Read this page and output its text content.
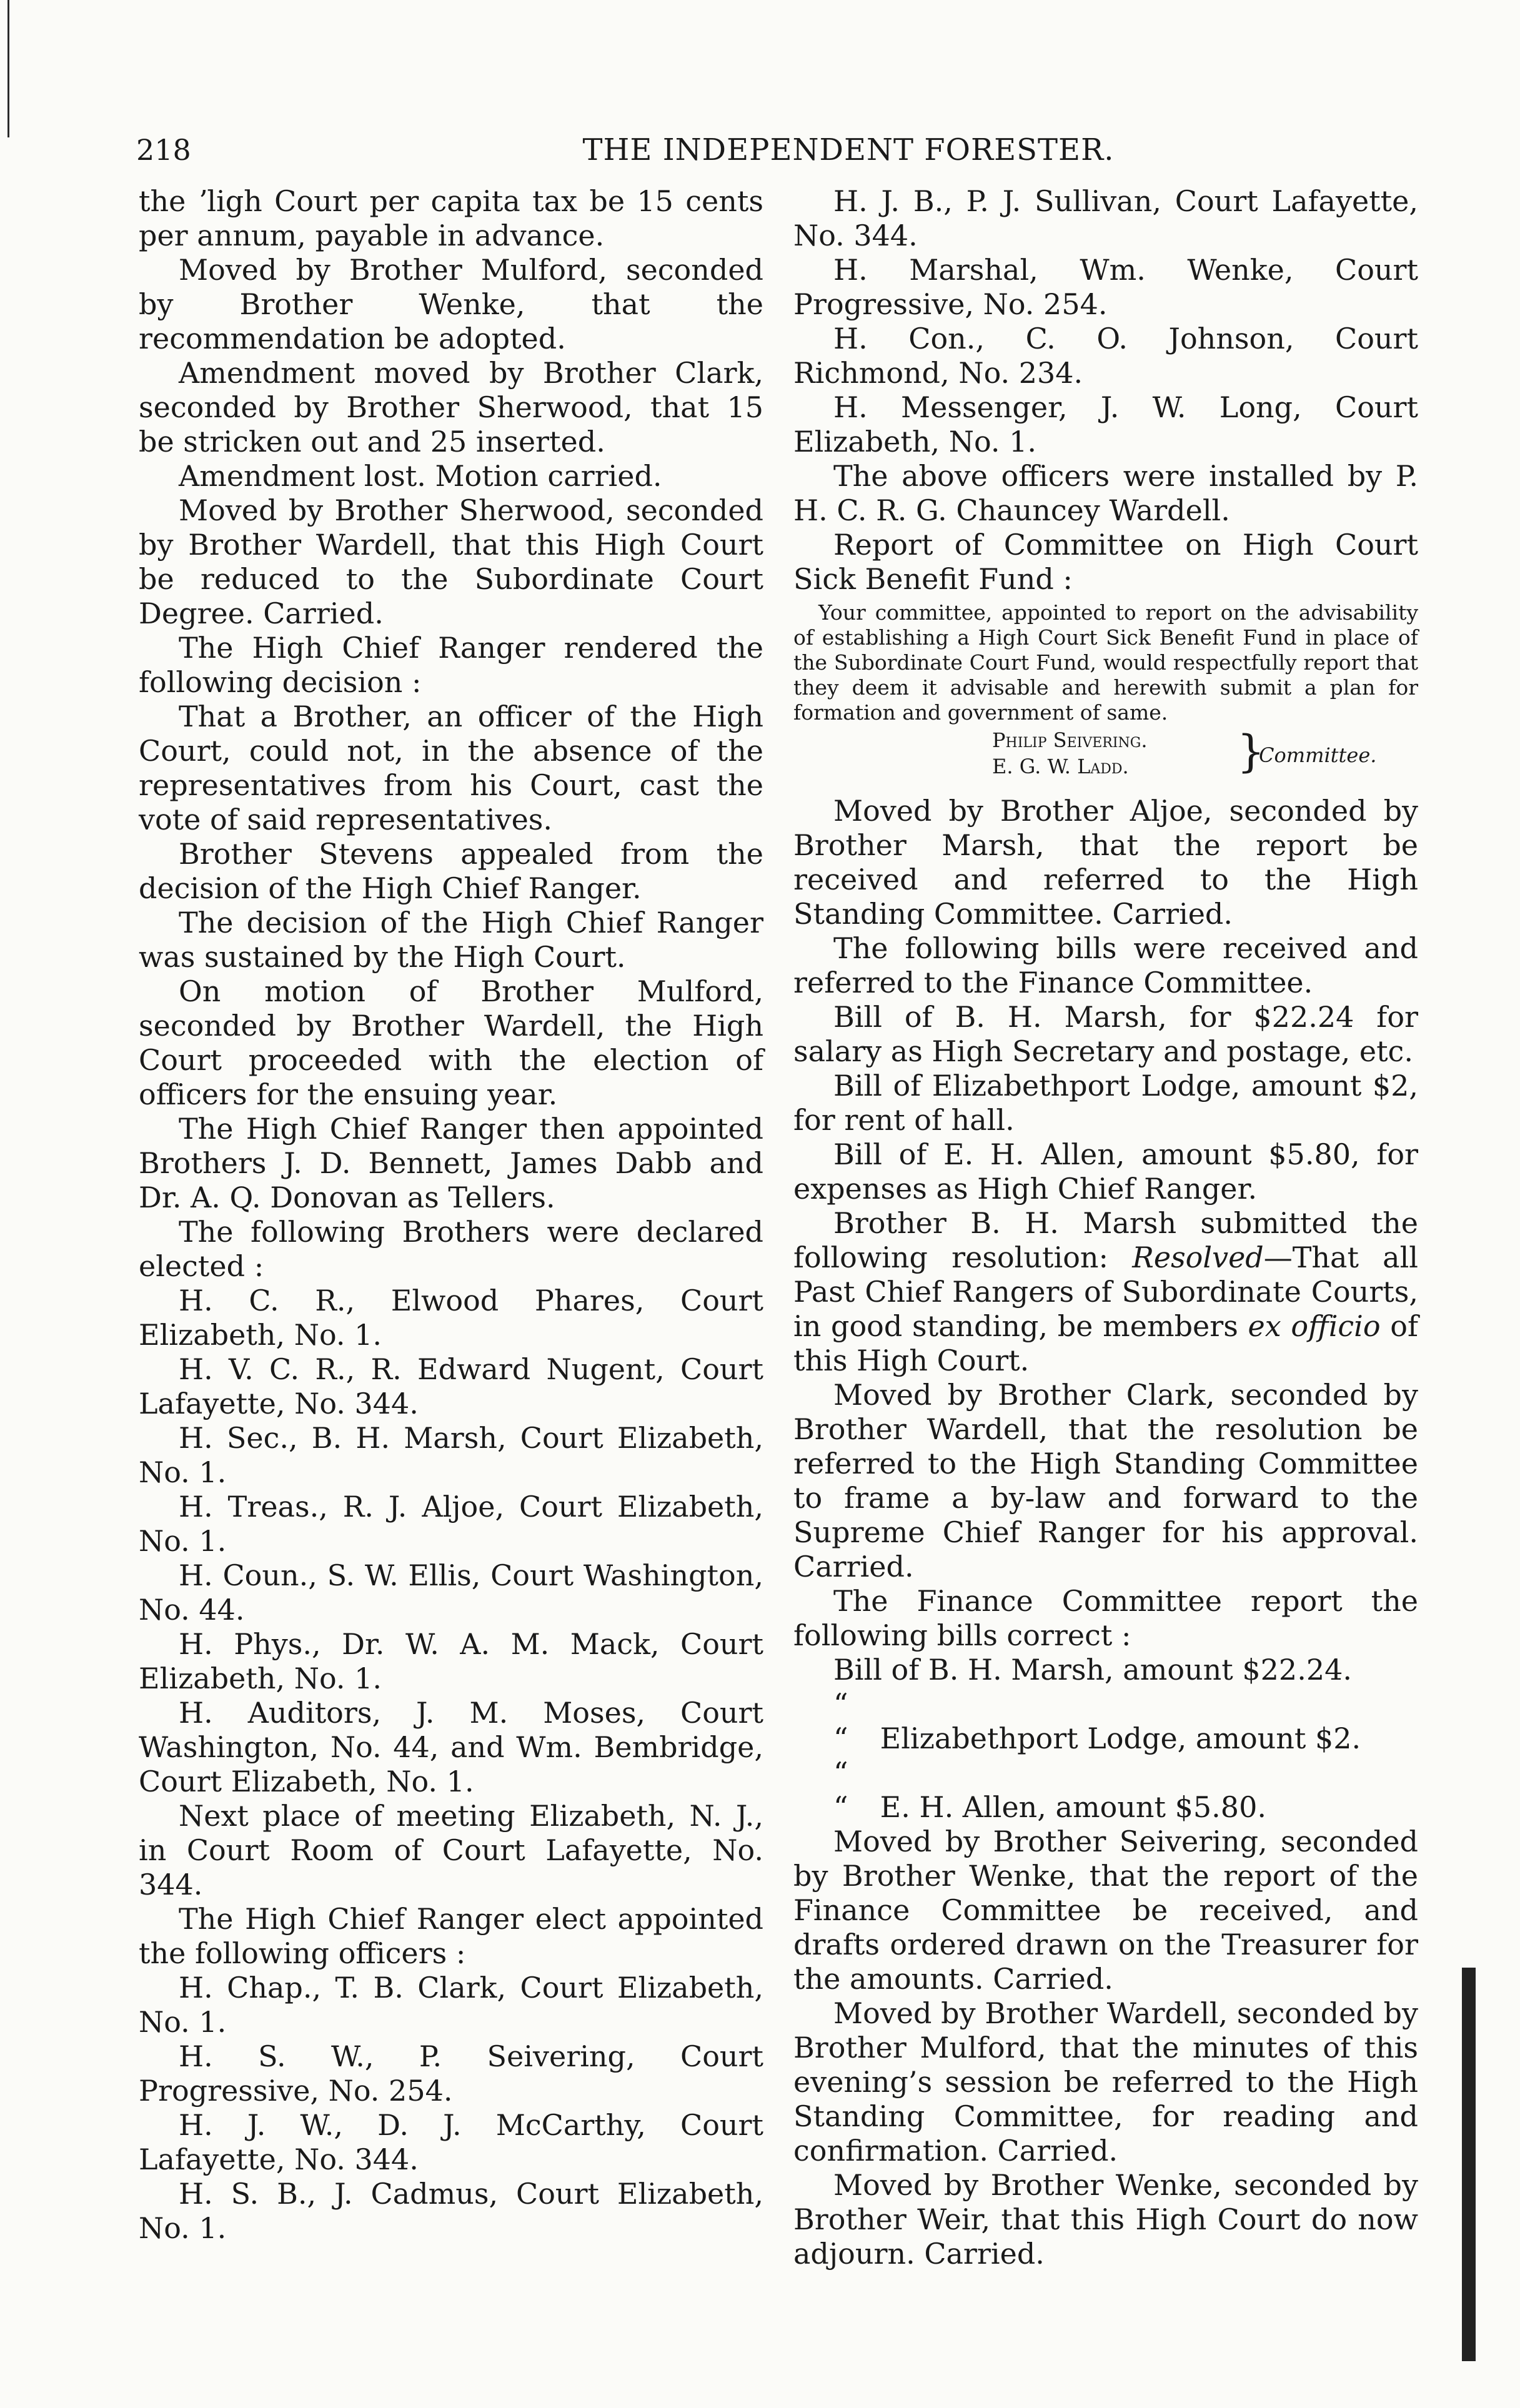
218	THE INDEPENDENT FORESTER.

the ʼligh Court per capita tax be 15 cents per annum, payable in advance.

Moved by Brother Mulford, seconded by Brother Wenke, that the recommendation be adopted.

Amendment moved by Brother Clark, seconded by Brother Sherwood, that 15 be stricken out and 25 inserted.

Amendment lost. Motion carried.

Moved by Brother Sherwood, seconded by Brother Wardell, that this High Court be reduced to the Subordinate Court Degree. Carried.

The High Chief Ranger rendered the following decision :

That a Brother, an officer of the High Court, could not, in the absence of the representatives from his Court, cast the vote of said representatives.

Brother Stevens appealed from the decision of the High Chief Ranger.

The decision of the High Chief Ranger was sustained by the High Court.

On motion of Brother Mulford, seconded by Brother Wardell, the High Court proceeded with the election of officers for the ensuing year.

The High Chief Ranger then appointed Brothers J. D. Bennett, James Dabb and Dr. A. Q. Donovan as Tellers.

The following Brothers were declared elected :

H. C. R., Elwood Phares, Court Elizabeth, No. 1.

H. V. C. R., R. Edward Nugent, Court Lafayette, No. 344.

H. Sec., B. H. Marsh, Court Elizabeth, No. 1.

H. Treas., R. J. Aljoe, Court Elizabeth, No. 1.

H. Coun., S. W. Ellis, Court Washington, No. 44.

H. Phys., Dr. W. A. M. Mack, Court Elizabeth, No. 1.

H. Auditors, J. M. Moses, Court Washington, No. 44, and Wm. Bembridge, Court Elizabeth, No. 1.

Next place of meeting Elizabeth, N. J., in Court Room of Court Lafayette, No. 344.

The High Chief Ranger elect appointed the following officers :

H. Chap., T. B. Clark, Court Elizabeth, No. 1.

H. S. W., P. Seivering, Court Progressive, No. 254.

H. J. W., D. J. McCarthy, Court Lafayette, No. 344.

H. S. B., J. Cadmus, Court Elizabeth, No. 1.

H. J. B., P. J. Sullivan, Court Lafayette, No. 344.

H. Marshal, Wm. Wenke, Court Progressive, No. 254.

H. Con., C. O. Johnson, Court Richmond, No. 234.

H. Messenger, J. W. Long, Court Elizabeth, No. 1.

The above officers were installed by P. H. C. R. G. Chauncey Wardell.

Report of Committee on High Court Sick Benefit Fund :

Your committee, appointed to report on the advisability of establishing a High Court Sick Benefit Fund in place of the Subordinate Court Fund, would respectfully report that they deem it advisable and herewith submit a plan for formation and government of same.

Philip Seivering.
E. G. W. Ladd. }
Committee.

Moved by Brother Aljoe, seconded by Brother Marsh, that the report be received and referred to the High Standing Committee. Carried.

The following bills were received and referred to the Finance Committee.

Bill of B. H. Marsh, for $22.24 for salary as High Secretary and postage, etc.

Bill of Elizabethport Lodge, amount $2, for rent of hall.

Bill of E. H. Allen, amount $5.80, for expenses as High Chief Ranger.

Brother B. H. Marsh submitted the following resolution: Resolved—That all Past Chief Rangers of Subordinate Courts, in good standing, be members ex officio of this High Court.

Moved by Brother Clark, seconded by Brother Wardell, that the resolution be referred to the High Standing Committee to frame a by-law and forward to the Supreme Chief Ranger for his approval. Carried.

The Finance Committee report the following bills correct :

Bill of B. H. Marsh, amount $22.24.

“ “ Elizabethport Lodge, amount $2.

“ “ E. H. Allen, amount $5.80.

Moved by Brother Seivering, seconded by Brother Wenke, that the report of the Finance Committee be received, and drafts ordered drawn on the Treasurer for the amounts. Carried.

Moved by Brother Wardell, seconded by Brother Mulford, that the minutes of this evening’s session be referred to the High Standing Committee, for reading and confirmation. Carried.

Moved by Brother Wenke, seconded by Brother Weir, that this High Court do now adjourn. Carried.
